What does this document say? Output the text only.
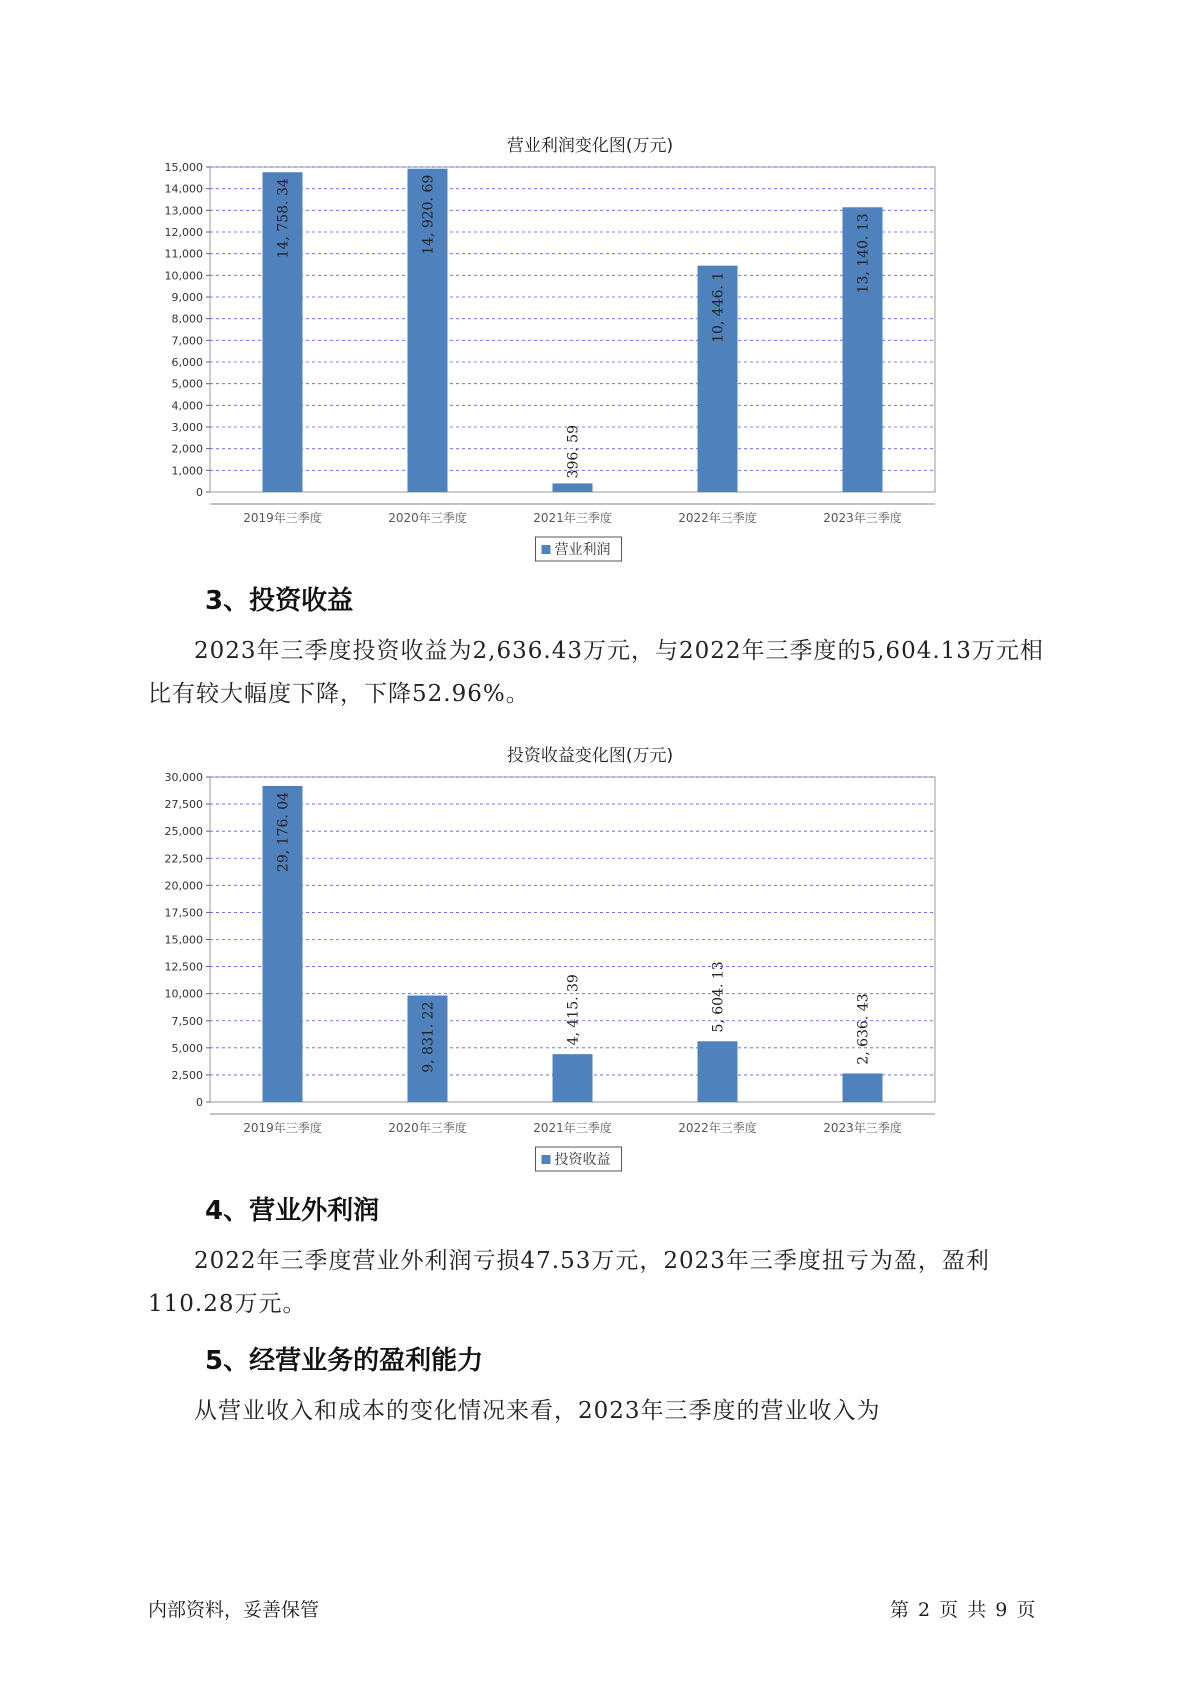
营业利润变化图(万元)

0
1,000
2,000
3,000
4,000
5,000
6,000
7,000
8,000
9,000
10,000
11,000
12,000
13,000
14,000
15,000
2019年三季度
14, 758. 34
2020年三季度
14, 920. 69
2021年三季度
396. 59
2022年三季度
10, 446. 1
2023年三季度
13, 140. 13
营业利润
3、投资收益

2023年三季度投资收益为2,636.43万元，与2022年三季度的5,604.13万元相比有较大幅度下降，下降52.96%。

投资收益变化图(万元)

0
2,500
5,000
7,500
10,000
12,500
15,000
17,500
20,000
22,500
25,000
27,500
30,000
2019年三季度
29, 176. 04
2020年三季度
9, 831. 22
2021年三季度
4, 415. 39
2022年三季度
5, 604. 13
2023年三季度
2, 636. 43
投资收益
4、营业外利润

2022年三季度营业外利润亏损47.53万元，2023年三季度扭亏为盈，盈利110.28万元。

5、经营业务的盈利能力

从营业收入和成本的变化情况来看，2023年三季度的营业收入为

内部资料，妥善保管	第 2 页 共 9 页
